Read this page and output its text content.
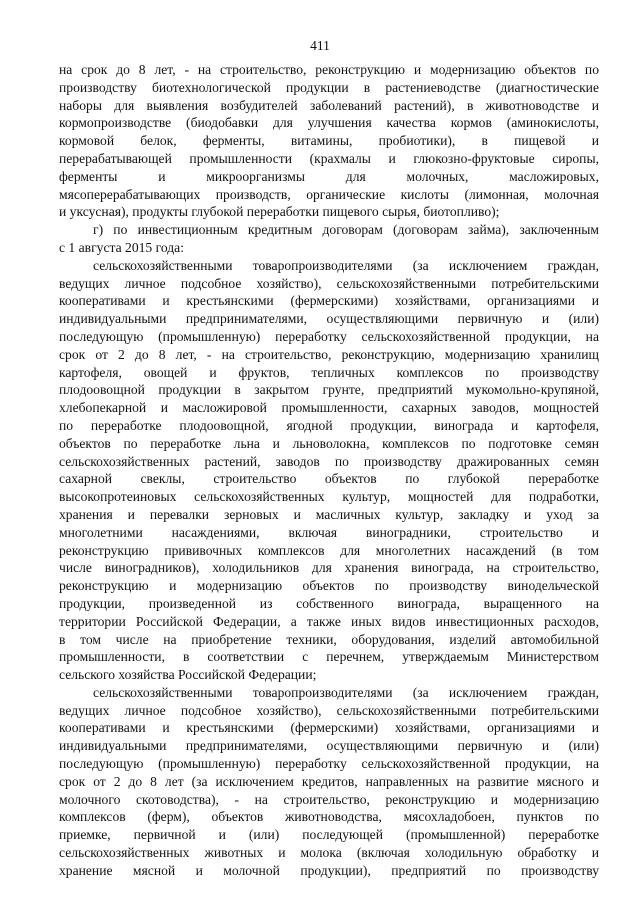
411
на срок до 8 лет, - на строительство, реконструкцию и модернизацию объектов по
производству биотехнологической продукции в растениеводстве (диагностические
наборы для выявления возбудителей заболеваний растений), в животноводстве и
кормопроизводстве (биодобавки для улучшения качества кормов (аминокислоты,
кормовой белок, ферменты, витамины, пробиотики), в пищевой и
перерабатывающей промышленности (крахмалы и глюкозно-фруктовые сиропы,
ферменты и микроорганизмы для молочных, масложировых,
мясоперерабатывающих производств, органические кислоты (лимонная, молочная
и уксусная), продукты глубокой переработки пищевого сырья, биотопливо);
г) по инвестиционным кредитным договорам (договорам займа), заключенным
с 1 августа 2015 года:
сельскохозяйственными товаропроизводителями (за исключением граждан,
ведущих личное подсобное хозяйство), сельскохозяйственными потребительскими
кооперативами и крестьянскими (фермерскими) хозяйствами, организациями и
индивидуальными предпринимателями, осуществляющими первичную и (или)
последующую (промышленную) переработку сельскохозяйственной продукции, на
срок от 2 до 8 лет, - на строительство, реконструкцию, модернизацию хранилищ
картофеля, овощей и фруктов, тепличных комплексов по производству
плодоовощной продукции в закрытом грунте, предприятий мукомольно-крупяной,
хлебопекарной и масложировой промышленности, сахарных заводов, мощностей
по переработке плодоовощной, ягодной продукции, винограда и картофеля,
объектов по переработке льна и льноволокна, комплексов по подготовке семян
сельскохозяйственных растений, заводов по производству дражированных семян
сахарной свеклы, строительство объектов по глубокой переработке
высокопротеиновых сельскохозяйственных культур, мощностей для подработки,
хранения и перевалки зерновых и масличных культур, закладку и уход за
многолетними насаждениями, включая виноградники, строительство и
реконструкцию прививочных комплексов для многолетних насаждений (в том
числе виноградников), холодильников для хранения винограда, на строительство,
реконструкцию и модернизацию объектов по производству винодельческой
продукции, произведенной из собственного винограда, выращенного на
территории Российской Федерации, а также иных видов инвестиционных расходов,
в том числе на приобретение техники, оборудования, изделий автомобильной
промышленности, в соответствии с перечнем, утверждаемым Министерством
сельского хозяйства Российской Федерации;
сельскохозяйственными товаропроизводителями (за исключением граждан,
ведущих личное подсобное хозяйство), сельскохозяйственными потребительскими
кооперативами и крестьянскими (фермерскими) хозяйствами, организациями и
индивидуальными предпринимателями, осуществляющими первичную и (или)
последующую (промышленную) переработку сельскохозяйственной продукции, на
срок от 2 до 8 лет (за исключением кредитов, направленных на развитие мясного и
молочного скотоводства), - на строительство, реконструкцию и модернизацию
комплексов (ферм), объектов животноводства, мясохладобоен, пунктов по
приемке, первичной и (или) последующей (промышленной) переработке
сельскохозяйственных животных и молока (включая холодильную обработку и
хранение мясной и молочной продукции), предприятий по производству
